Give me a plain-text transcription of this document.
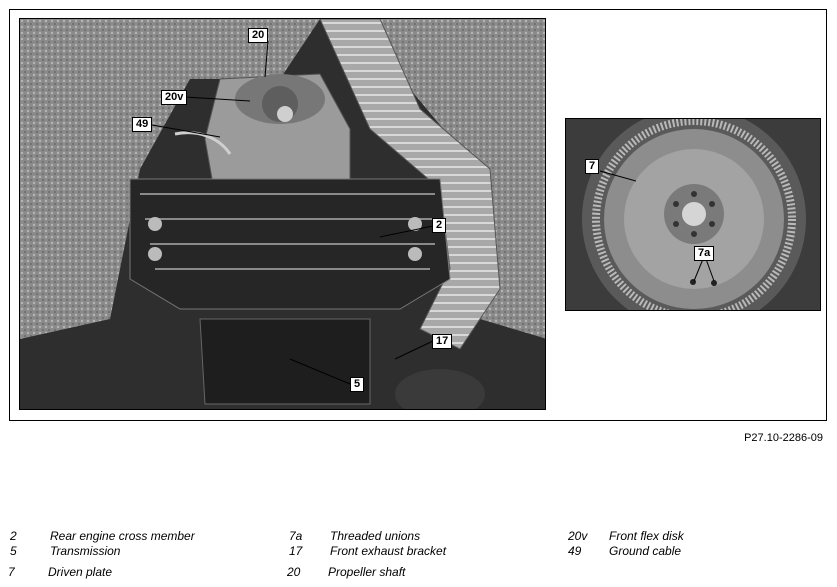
20
20v
49
2
17
5
7
7a
P27.10-2286-09
2	Rear engine cross member	7a Threaded unions	20v Front flex disk
5	Transmission	17 Front exhaust bracket	49 Ground cable
7	Driven plate	20 Propeller shaft
